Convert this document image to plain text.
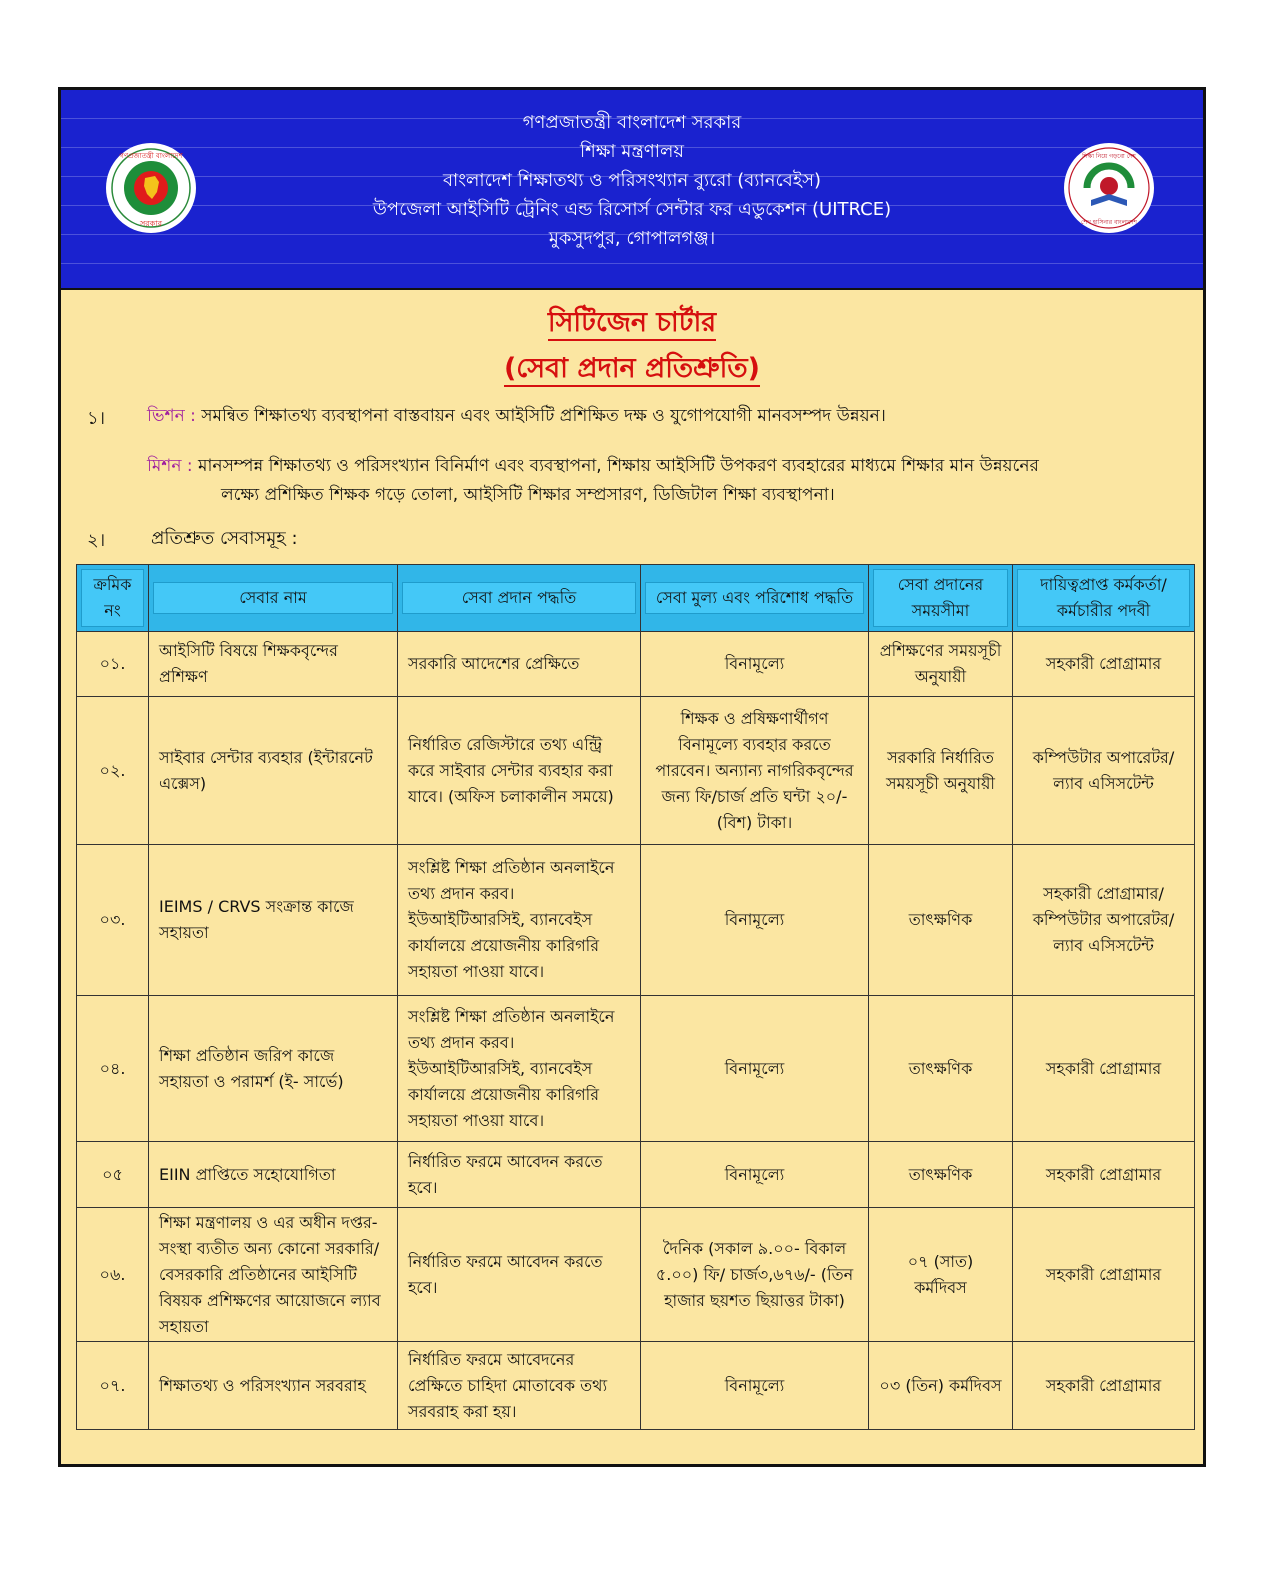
গণপ্রজাতন্ত্রী বাংলাদেশ
সরকার
গণপ্রজাতন্ত্রী বাংলাদেশ সরকার
শিক্ষা মন্ত্রণালয়
বাংলাদেশ শিক্ষাতথ্য ও পরিসংখ্যান ব্যুরো (ব্যানবেইস)
উপজেলা আইসিটি ট্রেনিং এন্ড রিসোর্স সেন্টার ফর এডুকেশন (UITRCE)
মুকসুদপুর, গোপালগঞ্জ।
শিক্ষা নিয়ে গড়বো দেশ
শেখ হাসিনার বাংলাদেশ
সিটিজেন চার্টার
(সেবা প্রদান প্রতিশ্রুতি)
১। ভিশন : সমন্বিত শিক্ষাতথ্য ব্যবস্থাপনা বাস্তবায়ন এবং আইসিটি প্রশিক্ষিত দক্ষ ও যুগোপযোগী মানবসম্পদ উন্নয়ন।
মিশন : মানসম্পন্ন শিক্ষাতথ্য ও পরিসংখ্যান বিনির্মাণ এবং ব্যবস্থাপনা, শিক্ষায় আইসিটি উপকরণ ব্যবহারের মাধ্যমে শিক্ষার মান উন্নয়নের
লক্ষ্যে প্রশিক্ষিত শিক্ষক গড়ে তোলা, আইসিটি শিক্ষার সম্প্রসারণ, ডিজিটাল শিক্ষা ব্যবস্থাপনা।
২।	প্রতিশ্রুত সেবাসমূহ :
ক্রমিক নং	সেবার নাম	সেবা প্রদান পদ্ধতি	সেবা মুল্য এবং পরিশোধ পদ্ধতি	সেবা প্রদানের সময়সীমা	দায়িত্বপ্রাপ্ত কর্মকর্তা/ কর্মচারীর পদবী

০১.	আইসিটি বিষয়ে শিক্ষকবৃন্দের প্রশিক্ষণ	সরকারি আদেশের প্রেক্ষিতে	বিনামূল্যে	প্রশিক্ষণের সময়সূচী অনুযায়ী	সহকারী প্রোগ্রামার
০২.	সাইবার সেন্টার ব্যবহার (ইন্টারনেট এক্সেস)	নির্ধারিত রেজিস্টারে তথ্য এন্ট্রি করে সাইবার সেন্টার ব্যবহার করা যাবে। (অফিস চলাকালীন সময়ে)	শিক্ষক ও প্রষিক্ষণার্থীগণ বিনামূল্যে ব্যবহার করতে পারবেন। অন্যান্য নাগরিকবৃন্দের জন্য ফি/চার্জ প্রতি ঘন্টা ২০/- (বিশ) টাকা।	সরকারি নির্ধারিত সময়সূচী অনুযায়ী	কম্পিউটার অপারেটর/ ল্যাব এসিসটেন্ট
০৩.	IEIMS / CRVS সংক্রান্ত কাজে সহায়তা	সংশ্লিষ্ট শিক্ষা প্রতিষ্ঠান অনলাইনে তথ্য প্রদান করব। ইউআইটিআরসিই, ব্যানবেইস কার্যালয়ে প্রয়োজনীয় কারিগরি সহায়তা পাওয়া যাবে।	বিনামূল্যে	তাৎক্ষণিক	সহকারী প্রোগ্রামার/ কম্পিউটার অপারেটর/ ল্যাব এসিসটেন্ট
০৪.	শিক্ষা প্রতিষ্ঠান জরিপ কাজে সহায়তা ও পরামর্শ (ই- সার্ভে)	সংশ্লিষ্ট শিক্ষা প্রতিষ্ঠান অনলাইনে তথ্য প্রদান করব। ইউআইটিআরসিই, ব্যানবেইস কার্যালয়ে প্রয়োজনীয় কারিগরি সহায়তা পাওয়া যাবে।	বিনামূল্যে	তাৎক্ষণিক	সহকারী প্রোগ্রামার
০৫	EIIN প্রাপ্তিতে সহোযোগিতা	নির্ধারিত ফরমে আবেদন করতে হবে।	বিনামূল্যে	তাৎক্ষণিক	সহকারী প্রোগ্রামার
০৬.	শিক্ষা মন্ত্রণালয় ও এর অধীন দপ্তর- সংস্থা ব্যতীত অন্য কোনো সরকারি/বেসরকারি প্রতিষ্ঠানের আইসিটি বিষয়ক প্রশিক্ষণের আয়োজনে ল্যাব সহায়তা	নির্ধারিত ফরমে আবেদন করতে হবে।	দৈনিক (সকাল ৯.০০- বিকাল ৫.০০) ফি/ চার্জ৩,৬৭৬/- (তিন হাজার ছয়শত ছিয়াত্তর টাকা)	০৭ (সাত) কর্মদিবস	সহকারী প্রোগ্রামার
০৭.	শিক্ষাতথ্য ও পরিসংখ্যান সরবরাহ	নির্ধারিত ফরমে আবেদনের প্রেক্ষিতে চাহিদা মোতাবেক তথ্য সরবরাহ করা হয়।	বিনামূল্যে	০৩ (তিন) কর্মদিবস	সহকারী প্রোগ্রামার
